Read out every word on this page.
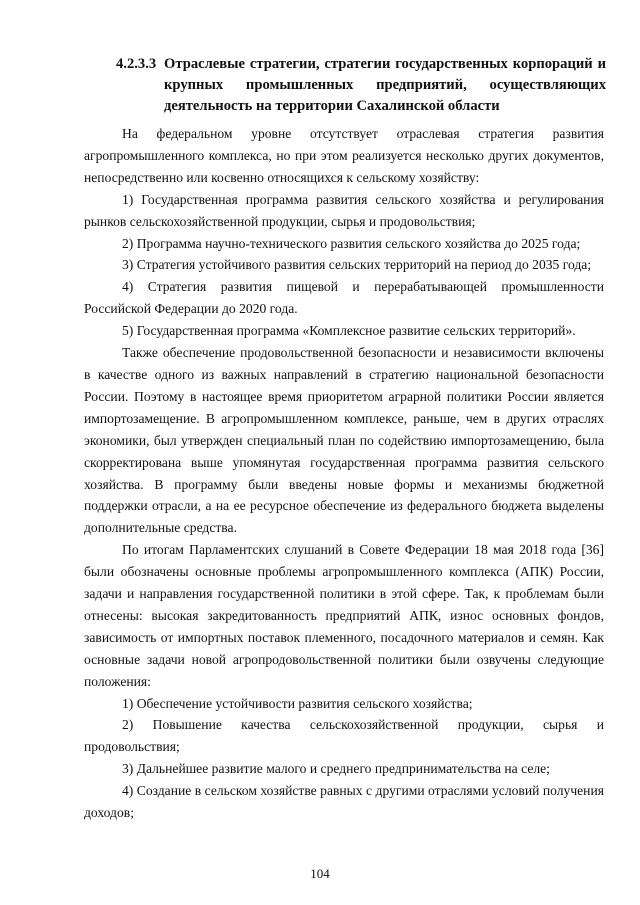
4.2.3.3 Отраслевые стратегии, стратегии государственных корпораций и крупных промышленных предприятий, осуществляющих деятельность на территории Сахалинской области

На федеральном уровне отсутствует отраслевая стратегия развития агропромышленного комплекса, но при этом реализуется несколько других документов, непосредственно или косвенно относящихся к сельскому хозяйству:

1) Государственная программа развития сельского хозяйства и регулирования рынков сельскохозяйственной продукции, сырья и продовольствия;

2) Программа научно-технического развития сельского хозяйства до 2025 года;

3) Стратегия устойчивого развития сельских территорий на период до 2035 года;

4) Стратегия развития пищевой и перерабатывающей промышленности Российской Федерации до 2020 года.

5) Государственная программа «Комплексное развитие сельских территорий».

Также обеспечение продовольственной безопасности и независимости включены в качестве одного из важных направлений в стратегию национальной безопасности России. Поэтому в настоящее время приоритетом аграрной политики России является импортозамещение. В агропромышленном комплексе, раньше, чем в других отраслях экономики, был утвержден специальный план по содействию импортозамещению, была скорректирована выше упомянутая государственная программа развития сельского хозяйства. В программу были введены новые формы и механизмы бюджетной поддержки отрасли, а на ее ресурсное обеспечение из федерального бюджета выделены дополнительные средства.

По итогам Парламентских слушаний в Совете Федерации 18 мая 2018 года [36] были обозначены основные проблемы агропромышленного комплекса (АПК) России, задачи и направления государственной политики в этой сфере. Так, к проблемам были отнесены: высокая закредитованность предприятий АПК, износ основных фондов, зависимость от импортных поставок племенного, посадочного материалов и семян. Как основные задачи новой агропродовольственной политики были озвучены следующие положения:

1) Обеспечение устойчивости развития сельского хозяйства;

2) Повышение качества сельскохозяйственной продукции, сырья и продовольствия;

3) Дальнейшее развитие малого и среднего предпринимательства на селе;

4) Создание в сельском хозяйстве равных с другими отраслями условий получения доходов;

104
